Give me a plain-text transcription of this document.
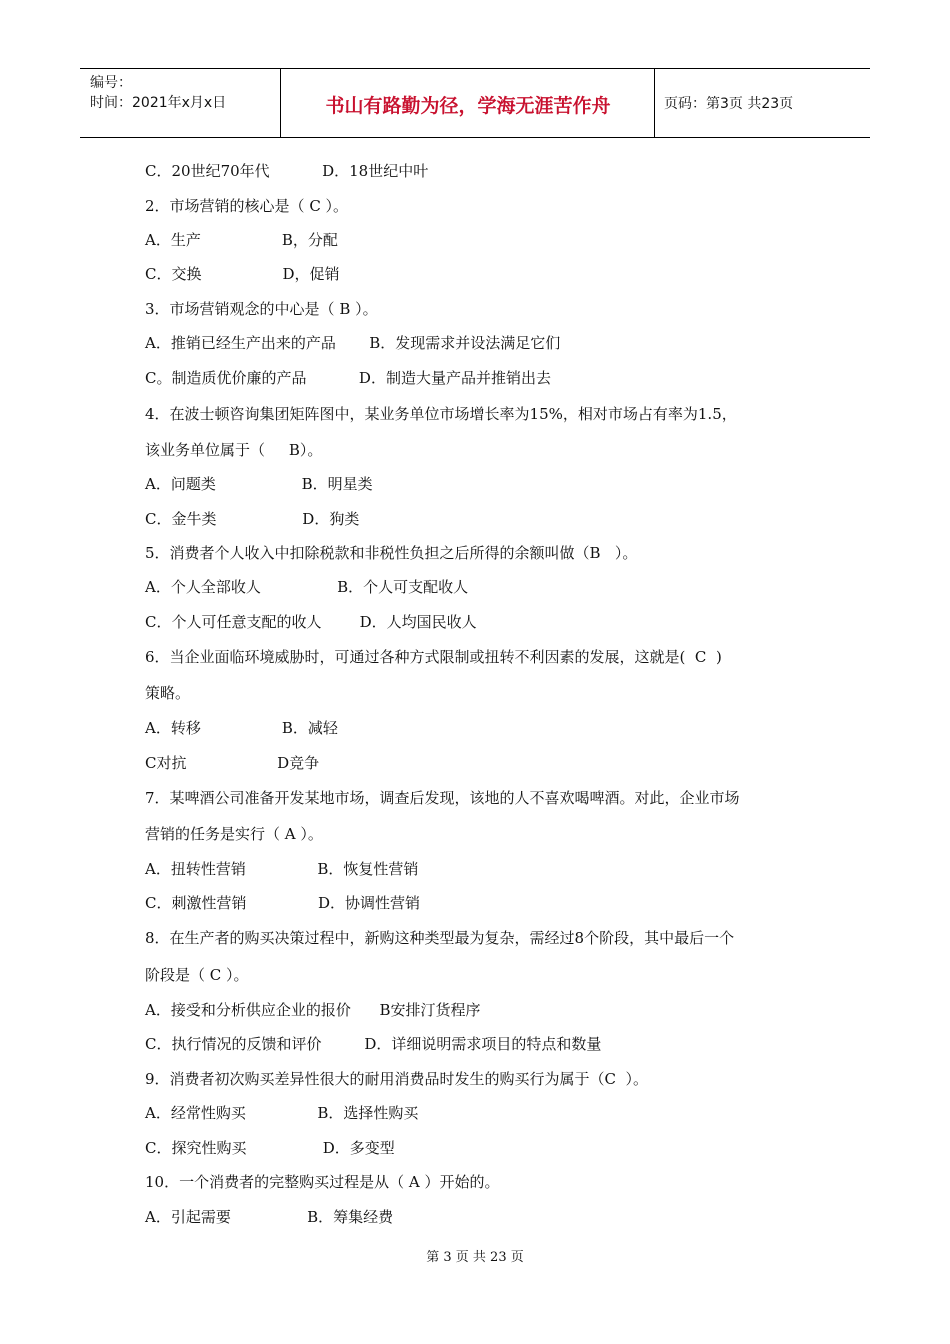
编号：
时间：2021年x月x日	书山有路勤为径，学海无涯苦作舟	页码：第3页 共23页
C．20世纪70年代           D．18世纪中叶
2．市场营销的核心是（ C ）。
A．生产                 B，分配
C．交换                 D，促销
3．市场营销观念的中心是（ B ）。
A．推销已经生产出来的产品       B．发现需求并设法满足它们
C。制造质优价廉的产品           D．制造大量产品并推销出去
4．在波士顿咨询集团矩阵图中，某业务单位市场增长率为15%，相对市场占有率为1.5，
该业务单位属于（     B）。
A．问题类                  B．明星类
C．金牛类                  D．狗类
5．消费者个人收入中扣除税款和非税性负担之后所得的余额叫做（B   ）。
A．个人全部收人                B．个人可支配收人
C．个人可任意支配的收人        D．人均国民收人
6．当企业面临环境威胁时，可通过各种方式限制或扭转不利因素的发展，这就是(  C  )
策略。
A．转移                 B．减轻
C对抗                   D竞争
7．某啤酒公司准备开发某地市场，调查后发现，该地的人不喜欢喝啤酒。对此，企业市场
营销的任务是实行（ A ）。
A．扭转性营销               B．恢复性营销
C．刺激性营销               D．协调性营销
8．在生产者的购买决策过程中，新购这种类型最为复杂，需经过8个阶段，其中最后一个
阶段是（ C ）。
A．接受和分析供应企业的报价      B安排汀货程序
C．执行情况的反馈和评价         D．详细说明需求项目的特点和数量
9．消费者初次购买差异性很大的耐用消费品时发生的购买行为属于（C  ）。
A．经常性购买               B．选择性购买
C．探究性购买                D．多变型
10．一个消费者的完整购买过程是从（ A ）开始的。
A．引起需要                B．筹集经费
第 3 页 共 23 页
